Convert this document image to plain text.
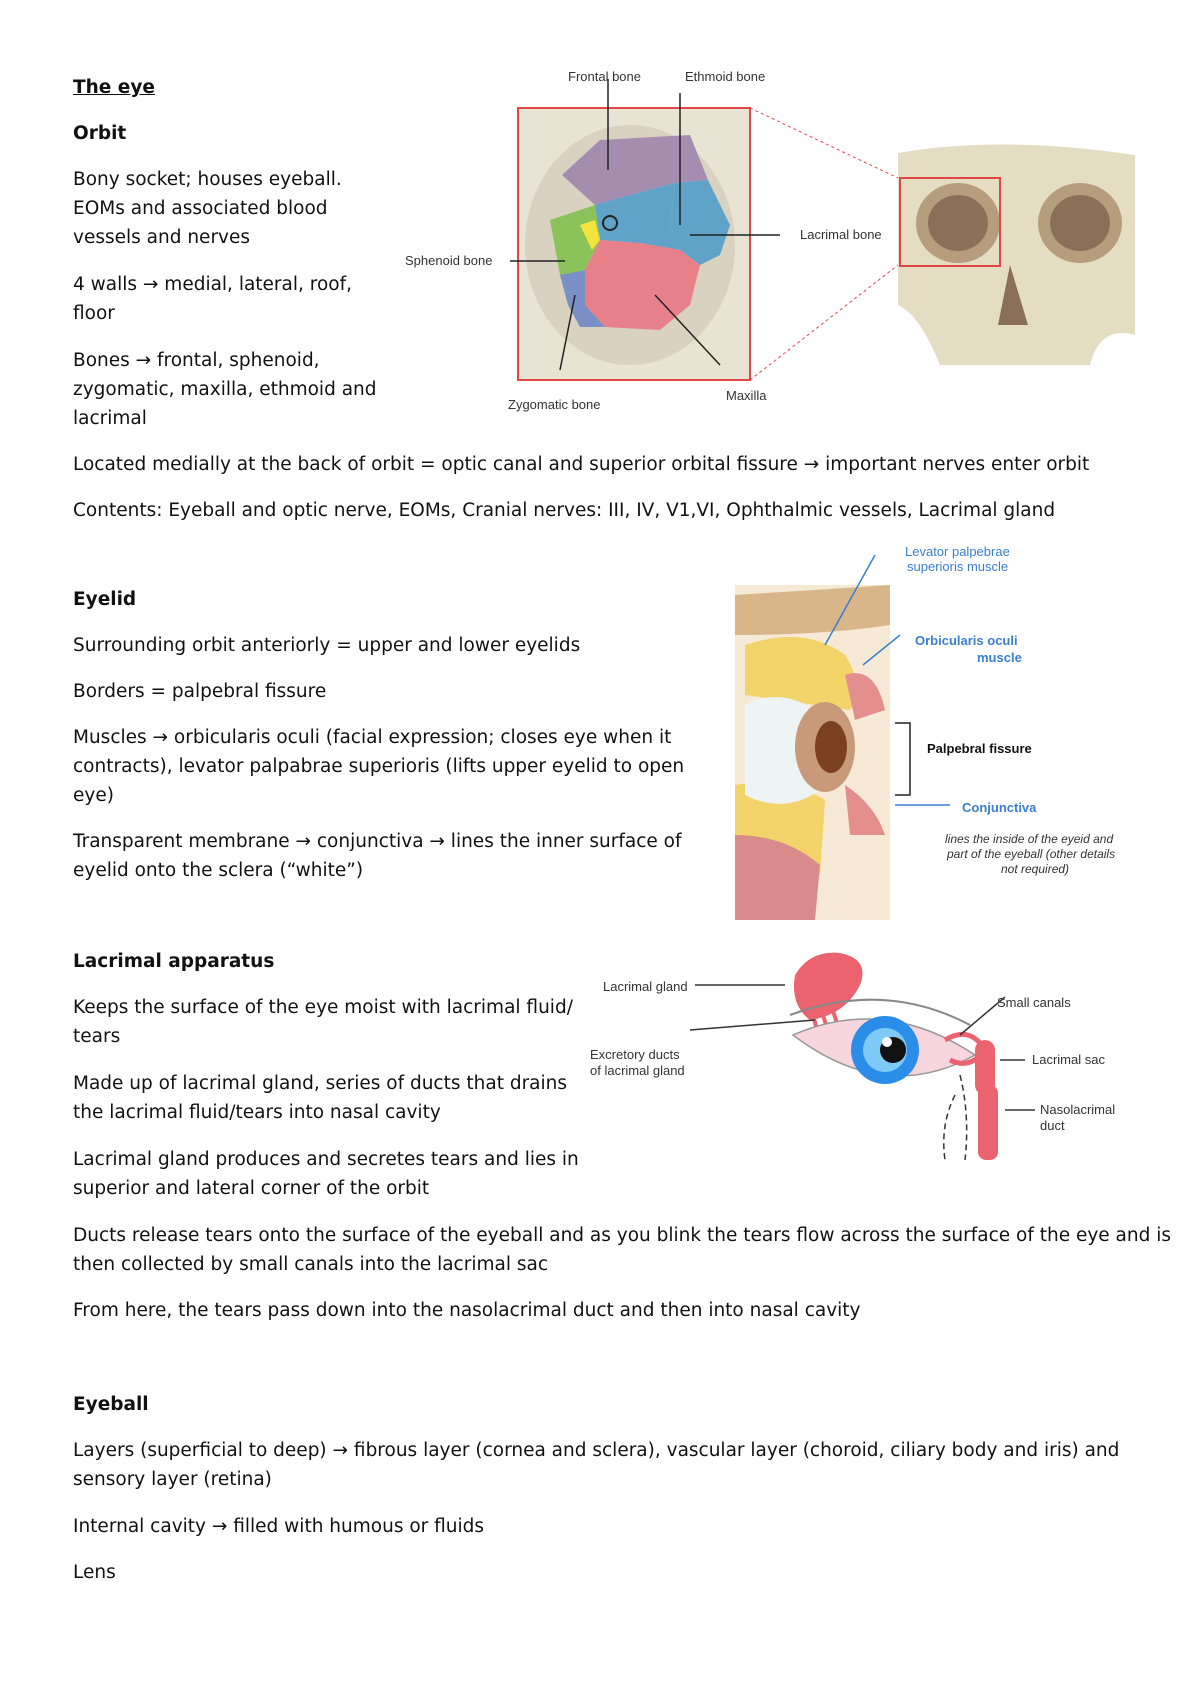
The eye

Orbit

Bony socket; houses eyeball.

EOMs and associated blood

vessels and nerves

4 walls → medial, lateral, roof,

floor

Bones → frontal, sphenoid,

zygomatic, maxilla, ethmoid and

lacrimal

Located medially at the back of orbit = optic canal and superior orbital fissure → important nerves enter orbit

Contents: Eyeball and optic nerve, EOMs, Cranial nerves: III, IV, V1,VI, Ophthalmic vessels, Lacrimal gland

Frontal bone	Ethmoid bone
Sphenoid bone
Lacrimal bone
Zygomatic bone
Maxilla

Eyelid

Surrounding orbit anteriorly = upper and lower eyelids

Borders = palpebral fissure

Muscles → orbicularis oculi (facial expression; closes eye when it

contracts), levator palpabrae superioris (lifts upper eyelid to open

eye)

Transparent membrane → conjunctiva → lines the inner surface of

eyelid onto the sclera (“white”)

Levator palpebrae
superioris muscle
Orbicularis oculi
muscle
Palpebral fissure
Conjunctiva
lines the inside of the eyeid and
part of the eyeball (other details
not required)

Lacrimal apparatus

Keeps the surface of the eye moist with lacrimal fluid/

tears

Made up of lacrimal gland, series of ducts that drains

the lacrimal fluid/tears into nasal cavity

Lacrimal gland produces and secretes tears and lies in

superior and lateral corner of the orbit

Ducts release tears onto the surface of the eyeball and as you blink the tears flow across the surface of the eye and is

then collected by small canals into the lacrimal sac

From here, the tears pass down into the nasolacrimal duct and then into nasal cavity

Lacrimal gland
Excretory ducts
of lacrimal gland
Small canals
Lacrimal sac
Nasolacrimal
duct

Eyeball

Layers (superficial to deep) → fibrous layer (cornea and sclera), vascular layer (choroid, ciliary body and iris) and

sensory layer (retina)

Internal cavity → filled with humous or fluids

Lens
